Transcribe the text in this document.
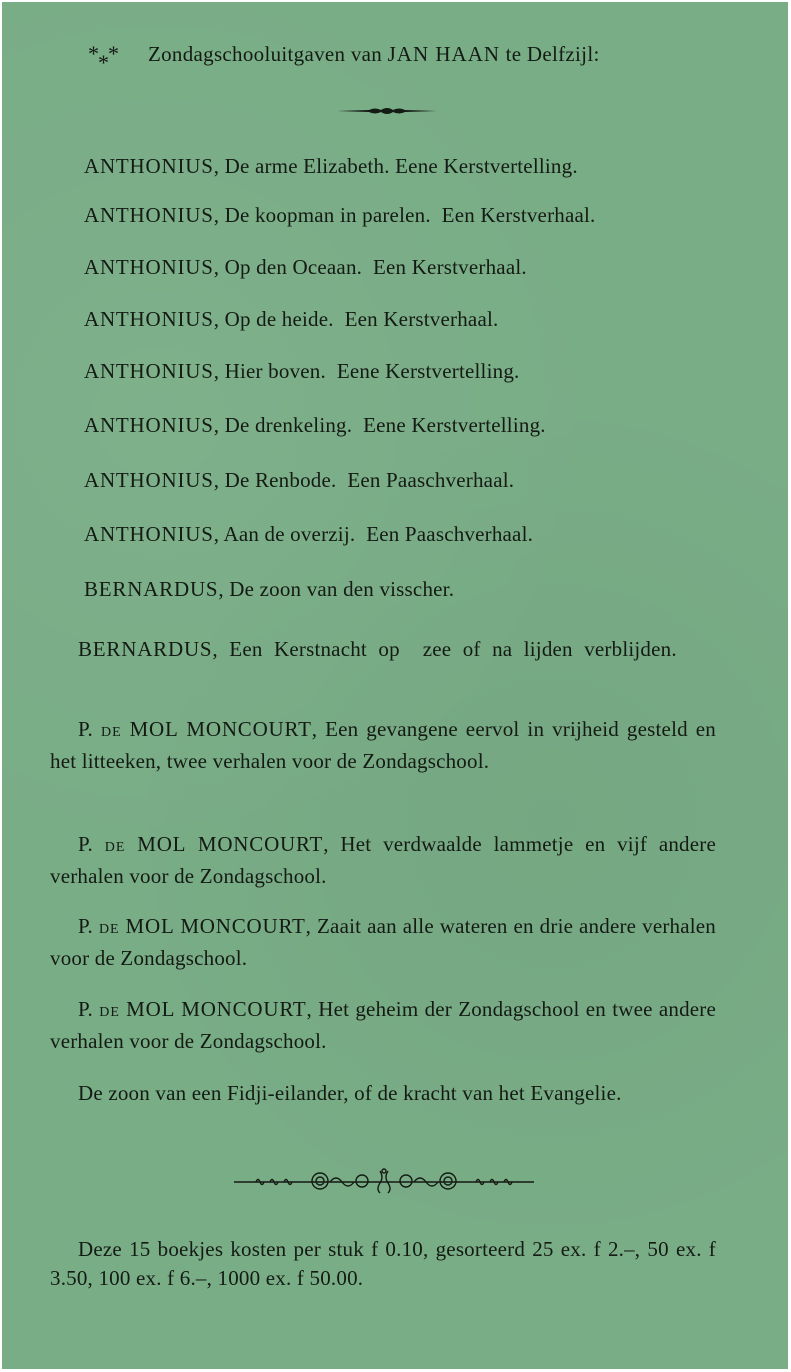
*
*
* Zondagschooluitgaven van JAN HAAN te Delfzijl:
ANTHONIUS, De arme Elizabeth. Eene Kerstvertelling.
ANTHONIUS, De koopman in parelen.  Een Kerstverhaal.
ANTHONIUS, Op den Oceaan.  Een Kerstverhaal.
ANTHONIUS, Op de heide.  Een Kerstverhaal.
ANTHONIUS, Hier boven.  Eene Kerstvertelling.
ANTHONIUS, De drenkeling.  Eene Kerstvertelling.
ANTHONIUS, De Renbode.  Een Paaschverhaal.
ANTHONIUS, Aan de overzij.  Een Paaschverhaal.
BERNARDUS, De zoon van den visscher.
BERNARDUS, Een Kerstnacht op  zee of na lijden verblijden.
P. DE MOL MONCOURT, Een gevangene eervol in vrijheid gesteld en het litteeken, twee verhalen voor de Zondagschool.
P. DE MOL MONCOURT, Het verdwaalde lammetje en vijf andere verhalen voor de Zondagschool.
P. DE MOL MONCOURT, Zaait aan alle wateren en drie andere verhalen voor de Zondagschool.
P. DE MOL MONCOURT, Het geheim der Zondagschool en twee andere verhalen voor de Zondagschool.
De zoon van een Fidji-eilander, of de kracht van het Evangelie.
Deze 15 boekjes kosten per stuk f 0.10, gesorteerd 25 ex. f 2.–, 50 ex. f 3.50, 100 ex. f 6.–, 1000 ex. f 50.00.
